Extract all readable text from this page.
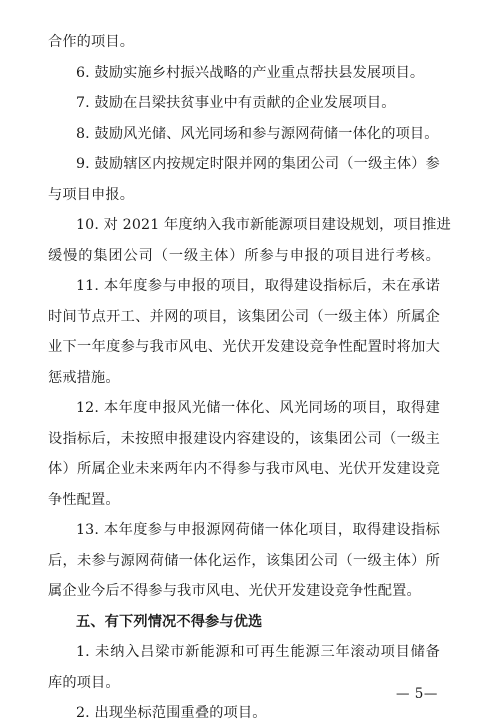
合作的项目。
6. 鼓励实施乡村振兴战略的产业重点帮扶县发展项目。
7. 鼓励在吕梁扶贫事业中有贡献的企业发展项目。
8. 鼓励风光储、风光同场和参与源网荷储一体化的项目。
9. 鼓励辖区内按规定时限并网的集团公司（一级主体）参
与项目申报。
10. 对 2021 年度纳入我市新能源项目建设规划，项目推进
缓慢的集团公司（一级主体）所参与申报的项目进行考核。
11. 本年度参与申报的项目，取得建设指标后，未在承诺
时间节点开工、并网的项目，该集团公司（一级主体）所属企
业下一年度参与我市风电、光伏开发建设竞争性配置时将加大
惩戒措施。
12. 本年度申报风光储一体化、风光同场的项目，取得建
设指标后，未按照申报建设内容建设的，该集团公司（一级主
体）所属企业未来两年内不得参与我市风电、光伏开发建设竞
争性配置。
13. 本年度参与申报源网荷储一体化项目，取得建设指标
后，未参与源网荷储一体化运作，该集团公司（一级主体）所
属企业今后不得参与我市风电、光伏开发建设竞争性配置。
五、有下列情况不得参与优选
1. 未纳入吕梁市新能源和可再生能源三年滚动项目储备
库的项目。
2. 出现坐标范围重叠的项目。
— 5—
